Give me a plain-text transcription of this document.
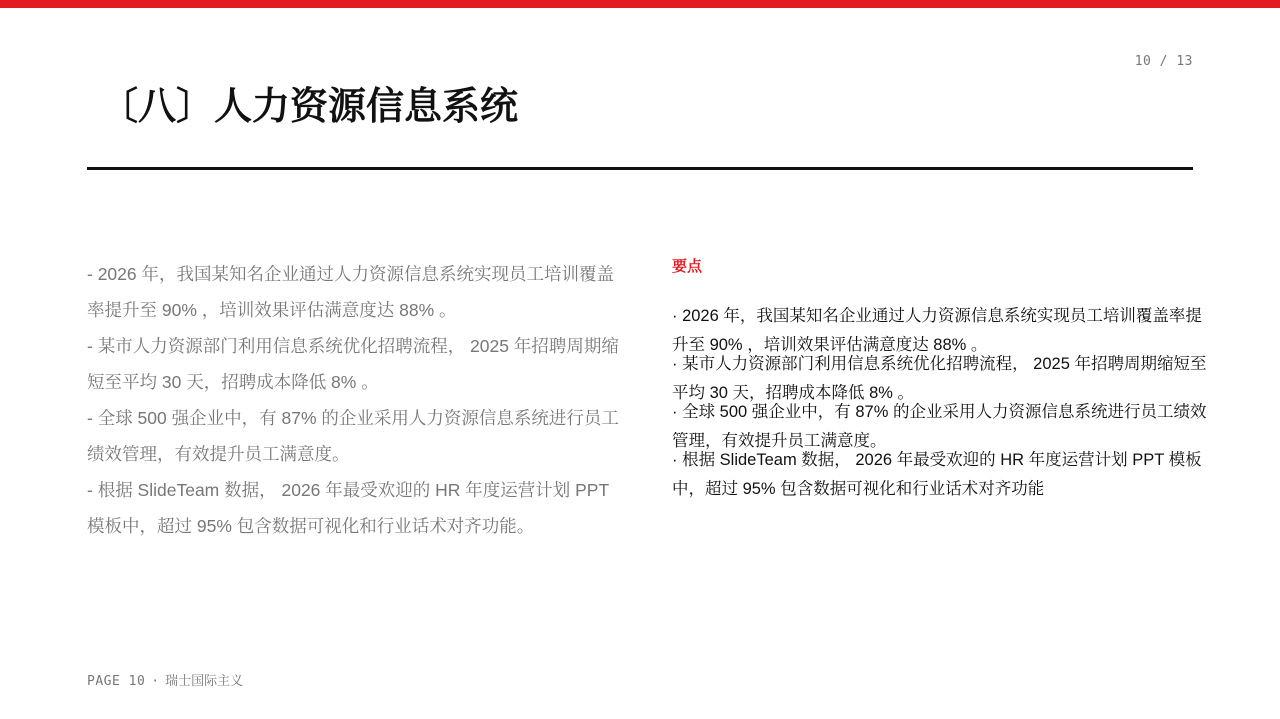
10 / 13
〔八〕人力资源信息系统
- 2026 年，我国某知名企业通过人力资源信息系统实现员工培训覆盖率提升至 90% ，培训效果评估满意度达 88% 。
- 某市人力资源部门利用信息系统优化招聘流程， 2025 年招聘周期缩短至平均 30 天，招聘成本降低 8% 。
- 全球 500 强企业中，有 87% 的企业采用人力资源信息系统进行员工绩效管理，有效提升员工满意度。
- 根据 SlideTeam 数据， 2026 年最受欢迎的 HR 年度运营计划 PPT 模板中，超过 95% 包含数据可视化和行业话术对齐功能。
要点
· 2026 年，我国某知名企业通过人力资源信息系统实现员工培训覆盖率提升至 90% ，培训效果评估满意度达 88% 。
· 某市人力资源部门利用信息系统优化招聘流程， 2025 年招聘周期缩短至平均 30 天，招聘成本降低 8% 。
· 全球 500 强企业中，有 87% 的企业采用人力资源信息系统进行员工绩效管理，有效提升员工满意度。
· 根据 SlideTeam 数据， 2026 年最受欢迎的 HR 年度运营计划 PPT 模板中，超过 95% 包含数据可视化和行业话术对齐功能
PAGE 10 · 瑞士国际主义
